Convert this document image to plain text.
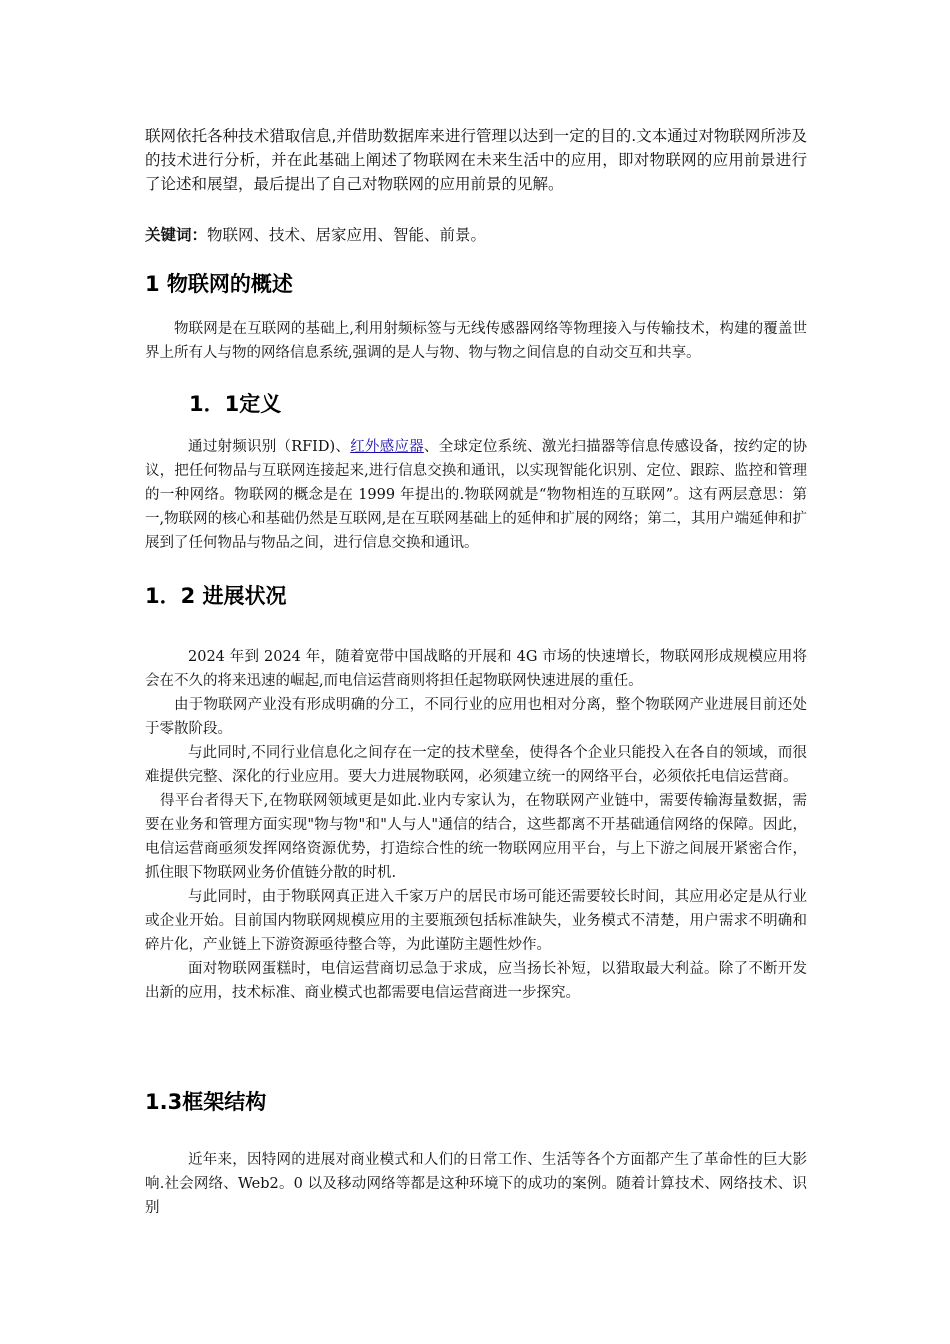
联网依托各种技术猎取信息,并借助数据库来进行管理以达到一定的目的.文本通过对物联网所涉及的技术进行分析，并在此基础上阐述了物联网在未来生活中的应用，即对物联网的应用前景进行了论述和展望，最后提出了自己对物联网的应用前景的见解。

关键词：物联网、技术、居家应用、智能、前景。
1 物联网的概述

物联网是在互联网的基础上,利用射频标签与无线传感器网络等物理接入与传输技术，构建的覆盖世界上所有人与物的网络信息系统,强调的是人与物、物与物之间信息的自动交互和共享。

1．1定义

通过射频识别（RFID)、红外感应器、全球定位系统、激光扫描器等信息传感设备，按约定的协议，把任何物品与互联网连接起来,进行信息交换和通讯，以实现智能化识别、定位、跟踪、监控和管理的一种网络。物联网的概念是在 1999 年提出的.物联网就是“物物相连的互联网”。这有两层意思：第一,物联网的核心和基础仍然是互联网,是在互联网基础上的延伸和扩展的网络；第二，其用户端延伸和扩展到了任何物品与物品之间，进行信息交换和通讯。

1．2 进展状况

2024 年到 2024 年，随着宽带中国战略的开展和 4G 市场的快速增长，物联网形成规模应用将会在不久的将来迅速的崛起,而电信运营商则将担任起物联网快速进展的重任。

由于物联网产业没有形成明确的分工，不同行业的应用也相对分离，整个物联网产业进展目前还处于零散阶段。

与此同时,不同行业信息化之间存在一定的技术壁垒，使得各个企业只能投入在各自的领域，而很难提供完整、深化的行业应用。要大力进展物联网，必须建立统一的网络平台，必须依托电信运营商。

得平台者得天下,在物联网领域更是如此.业内专家认为，在物联网产业链中，需要传输海量数据，需要在业务和管理方面实现"物与物"和"人与人"通信的结合，这些都离不开基础通信网络的保障。因此，电信运营商亟须发挥网络资源优势，打造综合性的统一物联网应用平台，与上下游之间展开紧密合作，抓住眼下物联网业务价值链分散的时机.

与此同时，由于物联网真正进入千家万户的居民市场可能还需要较长时间，其应用必定是从行业或企业开始。目前国内物联网规模应用的主要瓶颈包括标准缺失，业务模式不清楚，用户需求不明确和碎片化，产业链上下游资源亟待整合等，为此谨防主题性炒作。

面对物联网蛋糕时，电信运营商切忌急于求成，应当扬长补短，以猎取最大利益。除了不断开发出新的应用，技术标准、商业模式也都需要电信运营商进一步探究。

1.3框架结构

近年来，因特网的进展对商业模式和人们的日常工作、生活等各个方面都产生了革命性的巨大影响.社会网络、Web2。0 以及移动网络等都是这种环境下的成功的案例。随着计算技术、网络技术、识别
